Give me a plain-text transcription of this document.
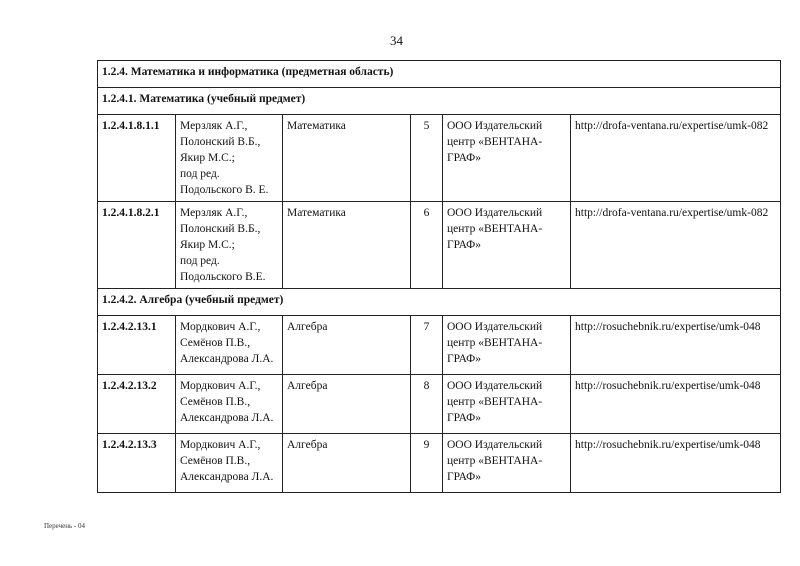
34
1.2.4. Математика и информатика (предметная область)					
1.2.4.1. Математика (учебный предмет)					
1.2.4.1.8.1.1	Мерзляк А.Г.,
Полонский В.Б.,
Якир М.С.;
под ред.
Подольского В. Е.	Математика	5	ООО Издательский центр «ВЕНТАНА-ГРАФ»	http://drofa-ventana.ru/expertise/umk-082
1.2.4.1.8.2.1	Мерзляк А.Г.,
Полонский В.Б.,
Якир М.С.;
под ред.
Подольского В.Е.	Математика	6	ООО Издательский центр «ВЕНТАНА-ГРАФ»	http://drofa-ventana.ru/expertise/umk-082
1.2.4.2. Алгебра (учебный предмет)					
1.2.4.2.13.1	Мордкович А.Г.,
Семёнов П.В.,
Александрова Л.А.	Алгебра	7	ООО Издательский центр «ВЕНТАНА-ГРАФ»	http://rosuchebnik.ru/expertise/umk-048
1.2.4.2.13.2	Мордкович А.Г.,
Семёнов П.В.,
Александрова Л.А.	Алгебра	8	ООО Издательский центр «ВЕНТАНА-ГРАФ»	http://rosuchebnik.ru/expertise/umk-048
1.2.4.2.13.3	Мордкович А.Г.,
Семёнов П.В.,
Александрова Л.А.	Алгебра	9	ООО Издательский центр «ВЕНТАНА-ГРАФ»	http://rosuchebnik.ru/expertise/umk-048
Перечень - 04
